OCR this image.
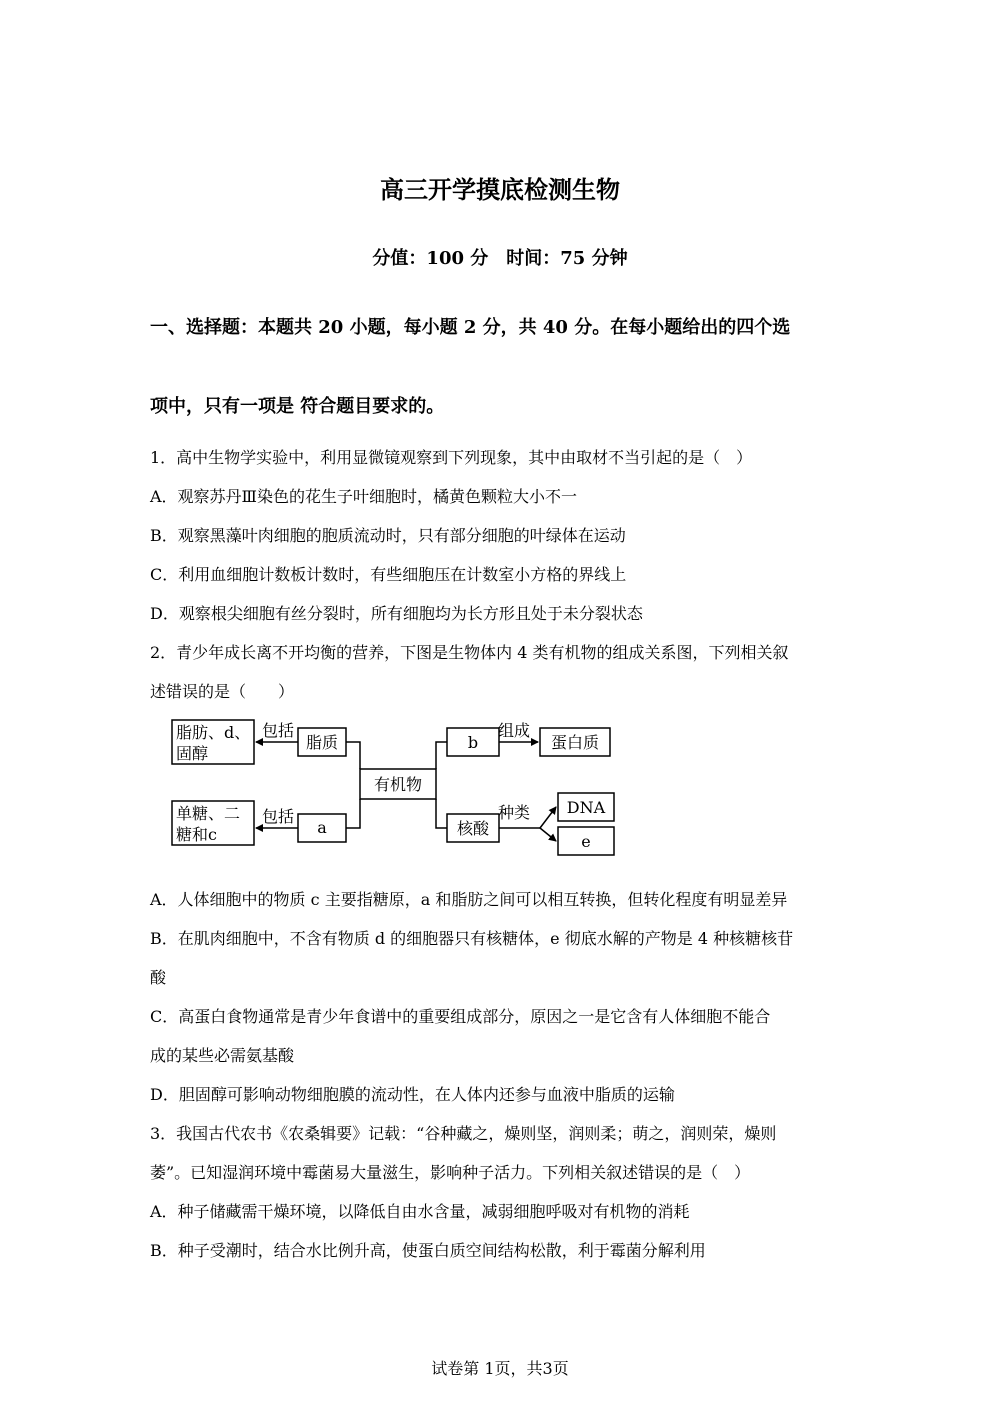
高三开学摸底检测生物
分值：100 分　时间：75 分钟
一、选择题：本题共 20 小题，每小题 2 分，共 40 分。在每小题给出的四个选
项中，只有一项是 符合题目要求的。
1．高中生物学实验中，利用显微镜观察到下列现象，其中由取材不当引起的是（　）
A．观察苏丹Ⅲ染色的花生子叶细胞时，橘黄色颗粒大小不一
B．观察黑藻叶肉细胞的胞质流动时，只有部分细胞的叶绿体在运动
C．利用血细胞计数板计数时，有些细胞压在计数室小方格的界线上
D．观察根尖细胞有丝分裂时，所有细胞均为长方形且处于未分裂状态
2．青少年成长离不开均衡的营养，下图是生物体内 4 类有机物的组成关系图，下列相关叙
述错误的是（　　）
脂肪、d、
固醇
包括
脂质	b
组成
蛋白质
有机物
单糖、二
糖和c
包括
a	核酸
种类 DNA
e
A．人体细胞中的物质 c 主要指糖原，a 和脂肪之间可以相互转换，但转化程度有明显差异
B．在肌肉细胞中，不含有物质 d 的细胞器只有核糖体，e 彻底水解的产物是 4 种核糖核苷
酸
C．高蛋白食物通常是青少年食谱中的重要组成部分，原因之一是它含有人体细胞不能合
成的某些必需氨基酸
D．胆固醇可影响动物细胞膜的流动性，在人体内还参与血液中脂质的运输
3．我国古代农书《农桑辑要》记载：“谷种藏之，燥则坚，润则柔；萌之，润则荣，燥则
萎”。已知湿润环境中霉菌易大量滋生，影响种子活力。下列相关叙述错误的是（　）
A．种子储藏需干燥环境，以降低自由水含量，减弱细胞呼吸对有机物的消耗
B．种子受潮时，结合水比例升高，使蛋白质空间结构松散，利于霉菌分解利用
试卷第 1页，共3页
